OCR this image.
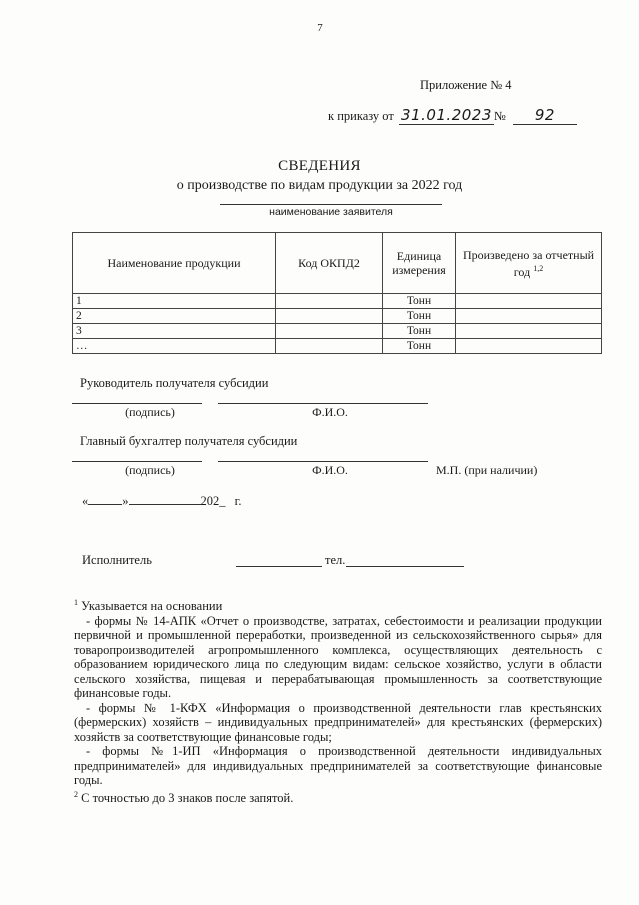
7
Приложение № 4
к приказу от 31.01.2023 № 92
СВЕДЕНИЯ
о производстве по видам продукции за 2022 год
наименование заявителя
Наименование продукции	Код ОКПД2	Единица измерения	Произведено за отчетный год $^{1,2}$
1		Тонн	
2		Тонн	
3		Тонн	
…		Тонн	
Руководитель получателя субсидии
(подпись)	Ф.И.О.
Главный бухгалтер получателя субсидии
(подпись)	Ф.И.О.	М.П. (при наличии)
«	»	202_ г.
Исполнитель	тел.

$^1$ Указывается на основании

- формы № 14-АПК «Отчет о производстве, затратах, себестоимости и реализации продукции первичной и промышленной переработки, произведенной из сельскохозяйственного сырья» для товаропроизводителей агропромышленного комплекса, осуществляющих деятельность с образованием юридического лица по следующим видам: сельское хозяйство, услуги в области сельского хозяйства, пищевая и перерабатывающая промышленность за соответствующие финансовые годы.

- формы № 1-КФХ «Информация о производственной деятельности глав крестьянских (фермерских) хозяйств – индивидуальных предпринимателей» для крестьянских (фермерских) хозяйств за соответствующие финансовые годы;

- формы №1-ИП «Информация о производственной деятельности индивидуальных предпринимателей» для индивидуальных предпринимателей за соответствующие финансовые годы.

$^2$ С точностью до 3 знаков после запятой.
